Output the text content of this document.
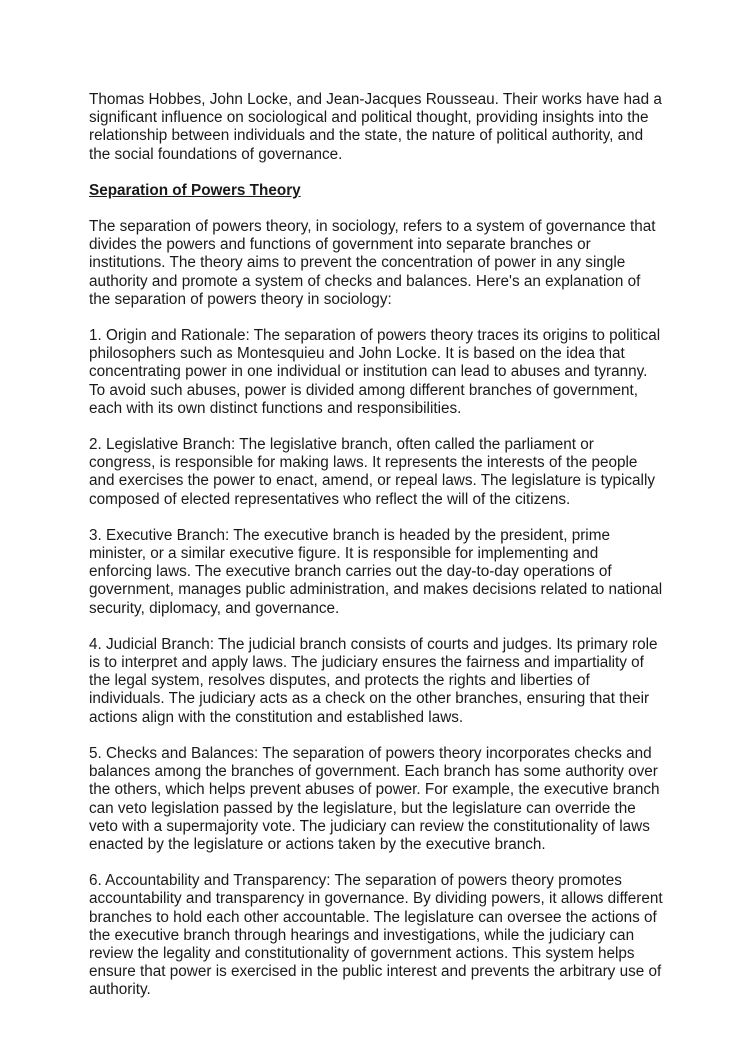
Thomas Hobbes, John Locke, and Jean-Jacques Rousseau. Their works have had a significant influence on sociological and political thought, providing insights into the relationship between individuals and the state, the nature of political authority, and the social foundations of governance.

Separation of Powers Theory

The separation of powers theory, in sociology, refers to a system of governance that divides the powers and functions of government into separate branches or institutions. The theory aims to prevent the concentration of power in any single authority and promote a system of checks and balances. Here's an explanation of the separation of powers theory in sociology:

1. Origin and Rationale: The separation of powers theory traces its origins to political philosophers such as Montesquieu and John Locke. It is based on the idea that concentrating power in one individual or institution can lead to abuses and tyranny. To avoid such abuses, power is divided among different branches of government, each with its own distinct functions and responsibilities.

2. Legislative Branch: The legislative branch, often called the parliament or congress, is responsible for making laws. It represents the interests of the people and exercises the power to enact, amend, or repeal laws. The legislature is typically composed of elected representatives who reflect the will of the citizens.

3. Executive Branch: The executive branch is headed by the president, prime minister, or a similar executive figure. It is responsible for implementing and enforcing laws. The executive branch carries out the day-to-day operations of government, manages public administration, and makes decisions related to national security, diplomacy, and governance.

4. Judicial Branch: The judicial branch consists of courts and judges. Its primary role is to interpret and apply laws. The judiciary ensures the fairness and impartiality of the legal system, resolves disputes, and protects the rights and liberties of individuals. The judiciary acts as a check on the other branches, ensuring that their actions align with the constitution and established laws.

5. Checks and Balances: The separation of powers theory incorporates checks and balances among the branches of government. Each branch has some authority over the others, which helps prevent abuses of power. For example, the executive branch can veto legislation passed by the legislature, but the legislature can override the veto with a supermajority vote. The judiciary can review the constitutionality of laws enacted by the legislature or actions taken by the executive branch.

6. Accountability and Transparency: The separation of powers theory promotes accountability and transparency in governance. By dividing powers, it allows different branches to hold each other accountable. The legislature can oversee the actions of the executive branch through hearings and investigations, while the judiciary can review the legality and constitutionality of government actions. This system helps ensure that power is exercised in the public interest and prevents the arbitrary use of authority.
